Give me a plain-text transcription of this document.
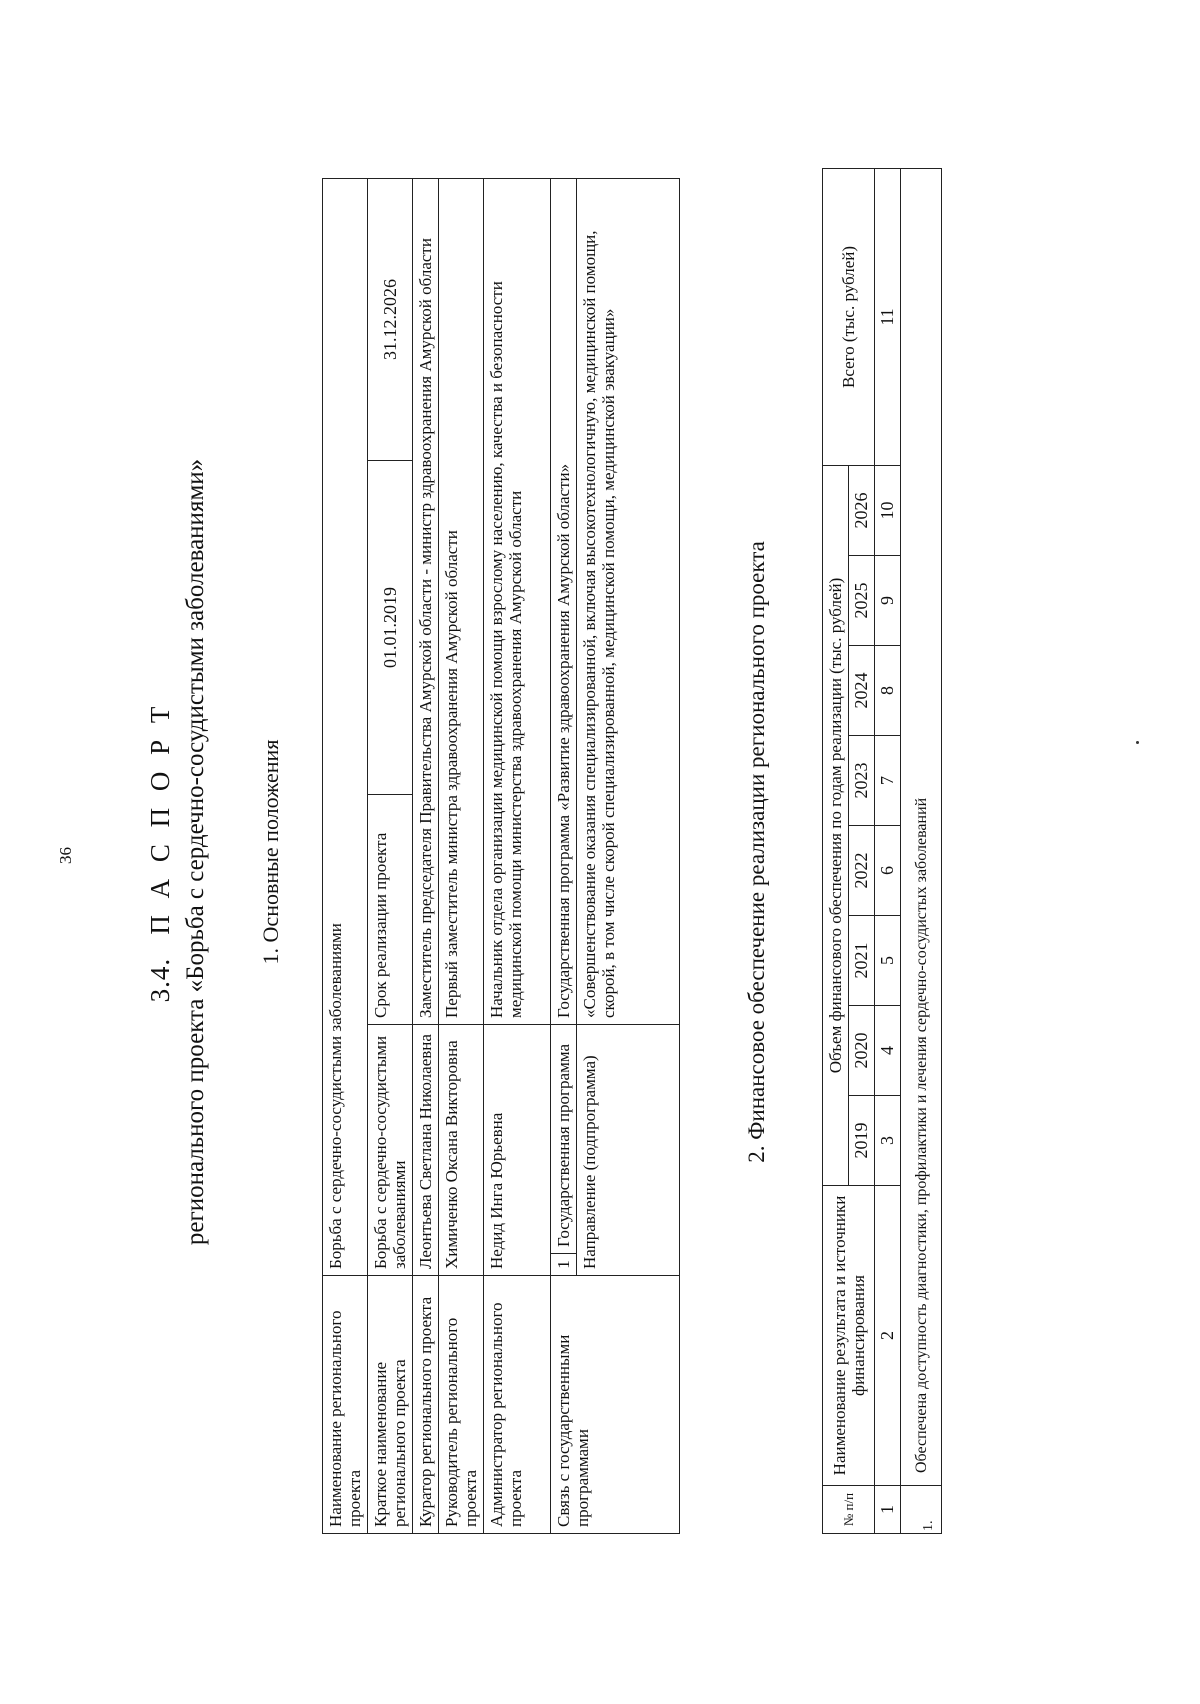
36
3.4.   П А С П О Р Т регионального проекта «Борьба с сердечно-сосудистыми заболеваниями» 1. Основные положения
Наименование регионального проекта	Борьба с сердечно-сосудистыми заболеваниями				
Краткое наименование регионального проекта	Борьба с сердечно-сосудистыми заболеваниями		Срок реализации проекта	01.01.2019	31.12.2026
Куратор регионального проекта	Леонтьева Светлана Николаевна		Заместитель председателя Правительства Амурской области - министр здравоохранения Амурской области		
Руководитель регионального проекта	Химиченко Оксана Викторовна		Первый заместитель министра здравоохранения Амурской области		
Администратор регионального проекта	Недид Инга Юрьевна		Начальник отдела организации медицинской помощи взрослому населению, качества и безопасности медицинской помощи министерства здравоохранения Амурской области		
Связь с государственными программами	1	Государственная программа	Государственная программа «Развитие здравоохранения Амурской области»		
	Направление (подпрограмма)		«Совершенствование оказания специализированной, включая высокотехнологичную, медицинской помощи, скорой, в том числе скорой специализированной, медицинской помощи, медицинской эвакуации»			2. Финансовое обеспечение реализации регионального проекта
№ п/п	Наименование результата и источники финансирования	Объем финансового обеспечения по годам реализации (тыс. рублей)								Всего (тыс. рублей)
		2019	2020	2021	2022	2023	2024	2025	2026	
1	2	3	4	5	6	7	8	9	10	11
1.	Обеспечена доступность диагностики, профилактики и лечения сердечно-сосудистых заболеваний									
